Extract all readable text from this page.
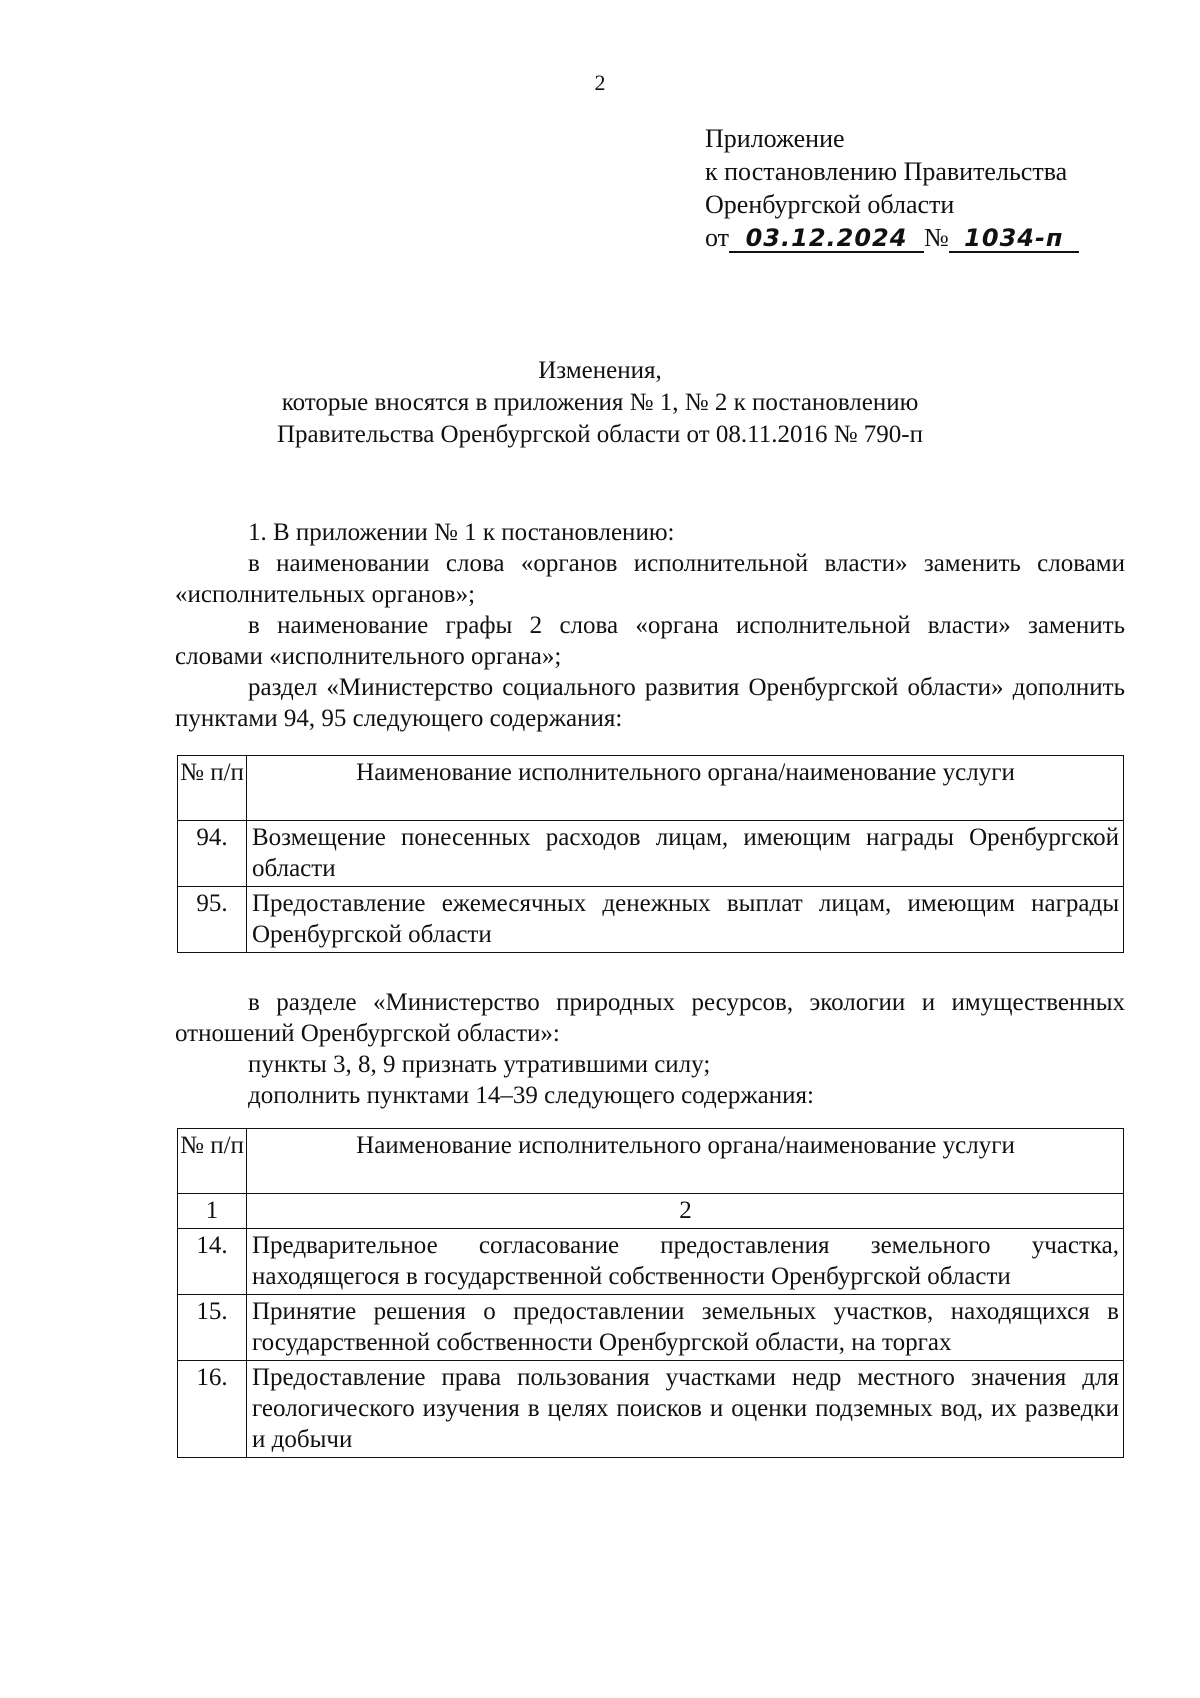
2
Приложение
к постановлению Правительства
Оренбургской области
от 03.12.2024 № 1034-п
Изменения,
которые вносятся в приложения № 1, № 2 к постановлению
Правительства Оренбургской области от 08.11.2016 № 790-п

1. В приложении № 1 к постановлению:

в наименовании слова «органов исполнительной власти» заменить словами «исполнительных органов»;

в наименование графы 2 слова «органа исполнительной власти» заменить словами «исполнительного органа»;

раздел «Министерство социального развития Оренбургской области» дополнить пунктами 94, 95 следующего содержания:

№ п/п	Наименование исполнительного органа/наименование услуги
94.	Возмещение понесенных расходов лицам, имеющим награды Оренбургской области
95.	Предоставление ежемесячных денежных выплат лицам, имеющим награды Оренбургской области

в разделе «Министерство природных ресурсов, экологии и имущественных отношений Оренбургской области»:

пункты 3, 8, 9 признать утратившими силу;

дополнить пунктами 14–39 следующего содержания:

№ п/п	Наименование исполнительного органа/наименование услуги
1	2
14.	Предварительное согласование предоставления земельного участка, находящегося в государственной собственности Оренбургской области
15.	Принятие решения о предоставлении земельных участков, находящихся в государственной собственности Оренбургской области, на торгах
16.	Предоставление права пользования участками недр местного значения для геологического изучения в целях поисков и оценки подземных вод, их разведки и добычи
